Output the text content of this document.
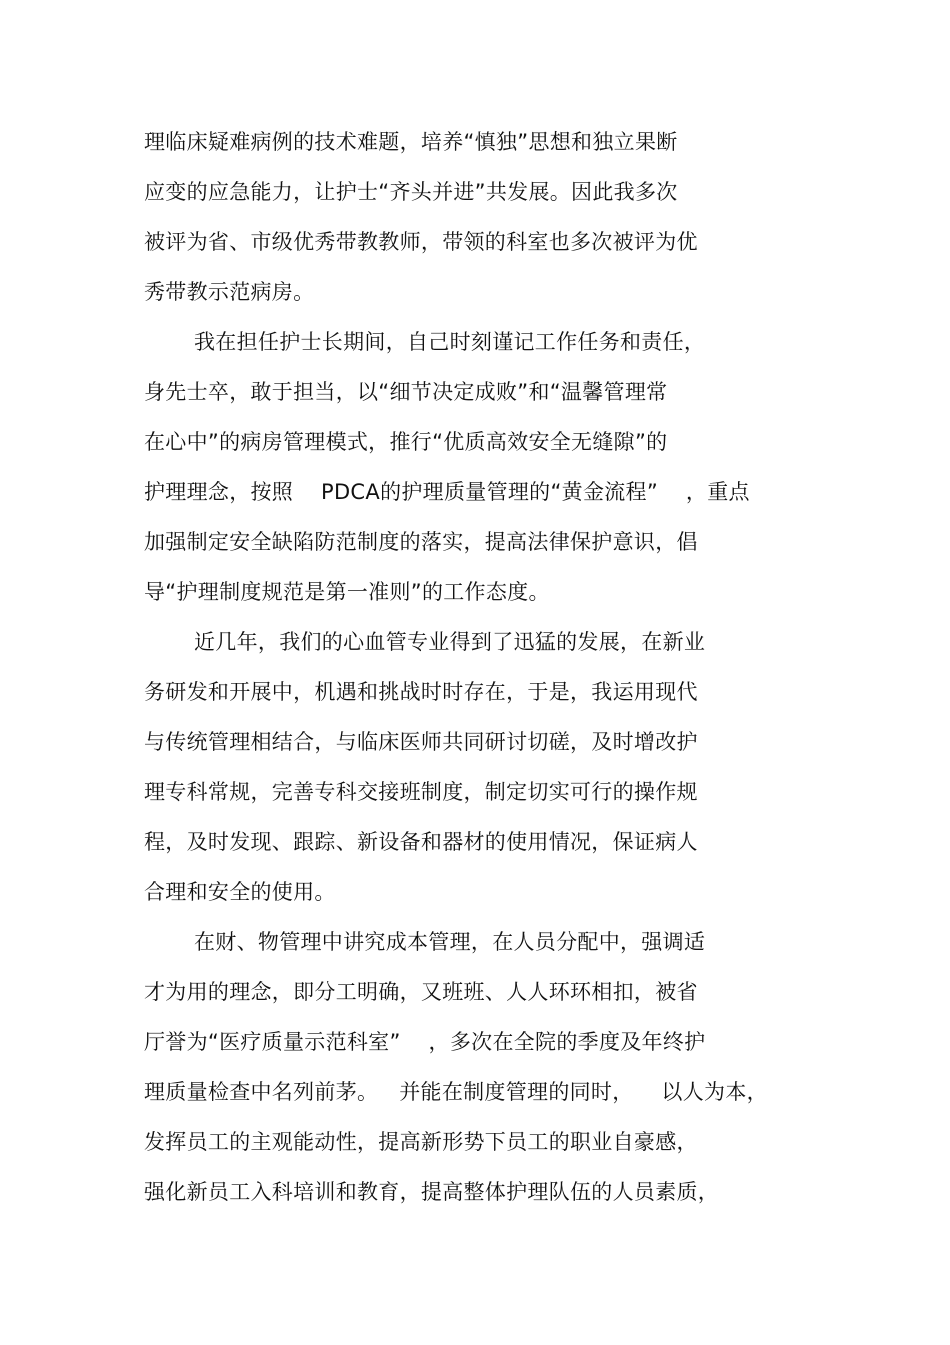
理临床疑难病例的技术难题，培养“慎独”思想和独立果断
应变的应急能力，让护士“齐头并进”共发展。因此我多次
被评为省、市级优秀带教教师，带领的科室也多次被评为优
秀带教示范病房。
我在担任护士长期间，自己时刻谨记工作任务和责任，
身先士卒，敢于担当，以“细节决定成败”和“温馨管理常
在心中”的病房管理模式，推行“优质高效安全无缝隙”的
护理理念，按照    PDCA的护理质量管理的“黄金流程”    ，重点
加强制定安全缺陷防范制度的落实，提高法律保护意识，倡
导“护理制度规范是第一准则”的工作态度。
近几年，我们的心血管专业得到了迅猛的发展，在新业
务研发和开展中，机遇和挑战时时存在，于是，我运用现代
与传统管理相结合，与临床医师共同研讨切磋，及时增改护
理专科常规，完善专科交接班制度，制定切实可行的操作规
程，及时发现、跟踪、新设备和器材的使用情况，保证病人
合理和安全的使用。
在财、物管理中讲究成本管理，在人员分配中，强调适
才为用的理念，即分工明确，又班班、人人环环相扣，被省
厅誉为“医疗质量示范科室”    ，多次在全院的季度及年终护
理质量检查中名列前茅。   并能在制度管理的同时，    以人为本，
发挥员工的主观能动性，提高新形势下员工的职业自豪感，
强化新员工入科培训和教育，提高整体护理队伍的人员素质，
